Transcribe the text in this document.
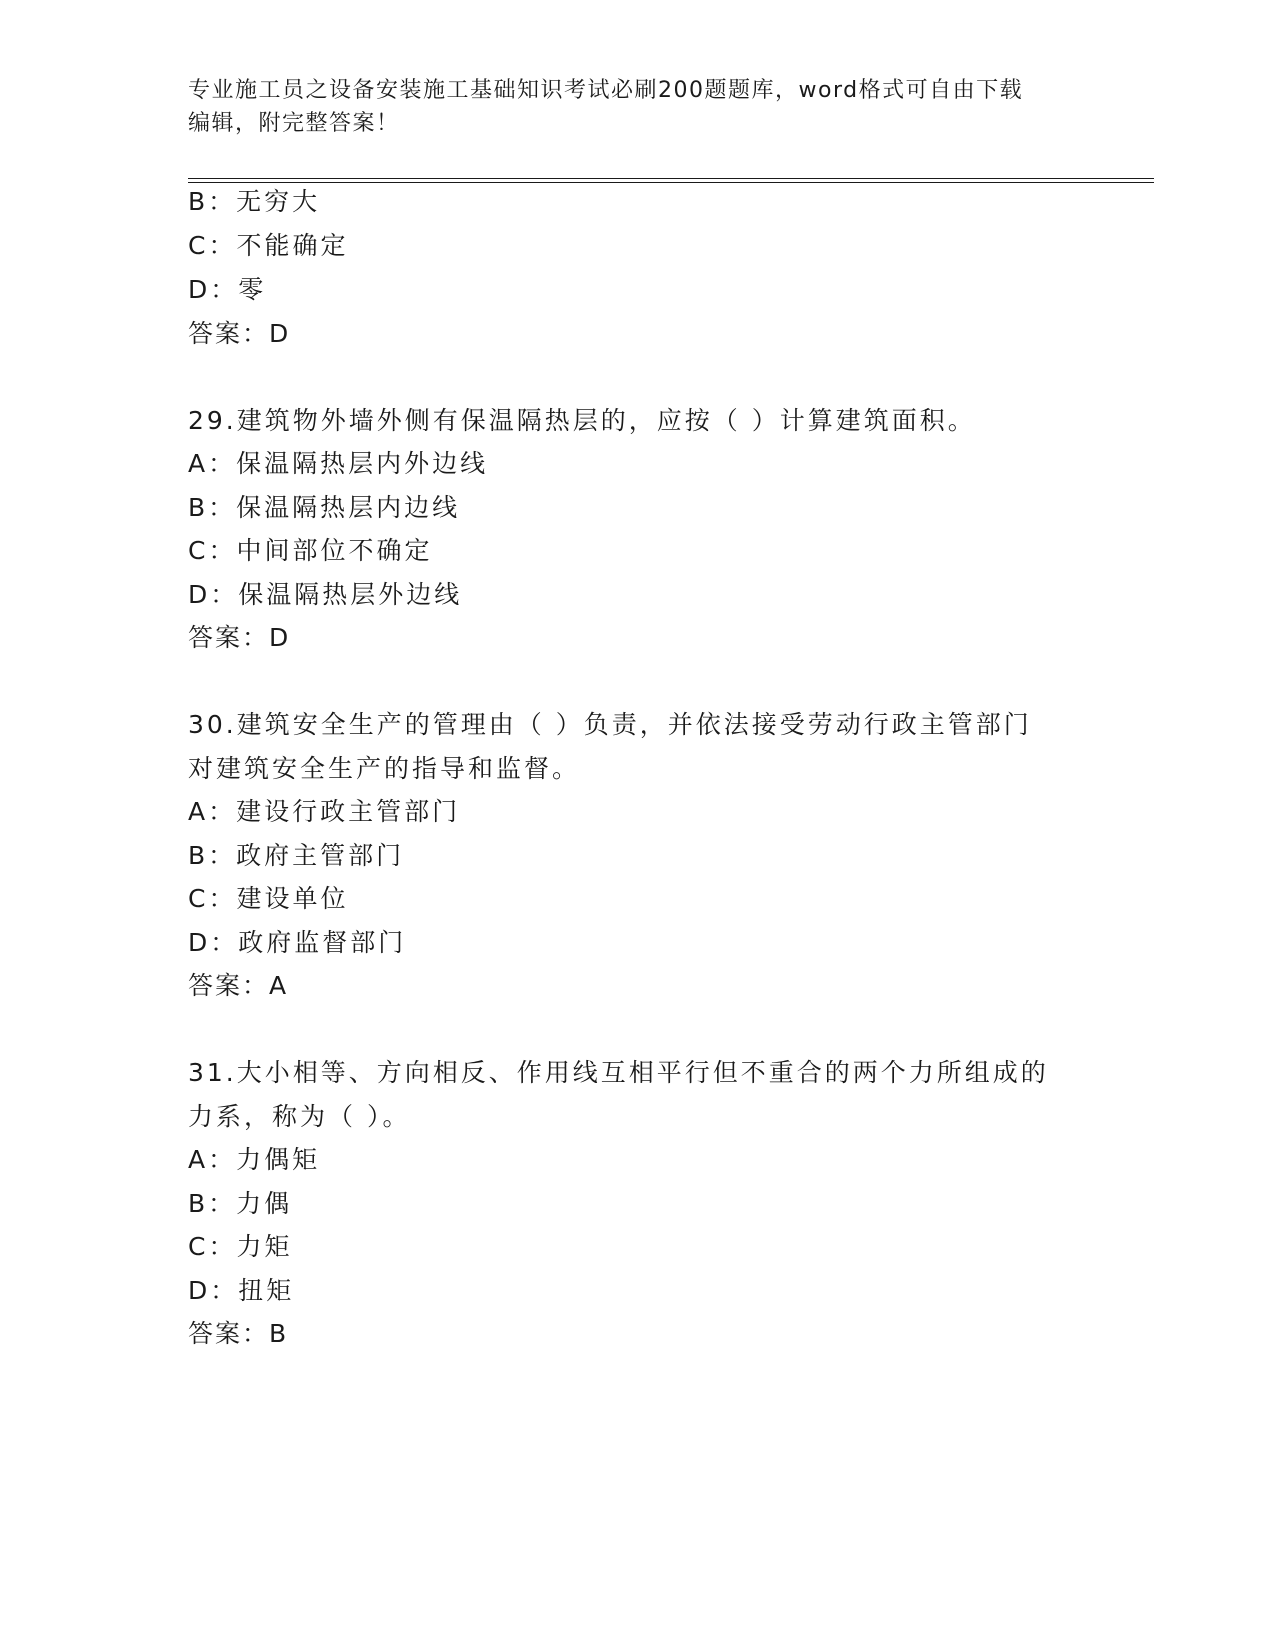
专业施工员之设备安装施工基础知识考试必刷200题题库，word格式可自由下载
编辑，附完整答案！
B：无穷大
C：不能确定
D：零
答案：D
29.建筑物外墙外侧有保温隔热层的，应按（ ）计算建筑面积。
A：保温隔热层内外边线
B：保温隔热层内边线
C：中间部位不确定
D：保温隔热层外边线
答案：D
30.建筑安全生产的管理由（ ）负责，并依法接受劳动行政主管部门
对建筑安全生产的指导和监督。
A：建设行政主管部门
B：政府主管部门
C：建设单位
D：政府监督部门
答案：A
31.大小相等、方向相反、作用线互相平行但不重合的两个力所组成的
力系，称为（ ）。
A：力偶矩
B：力偶
C：力矩
D：扭矩
答案：B
